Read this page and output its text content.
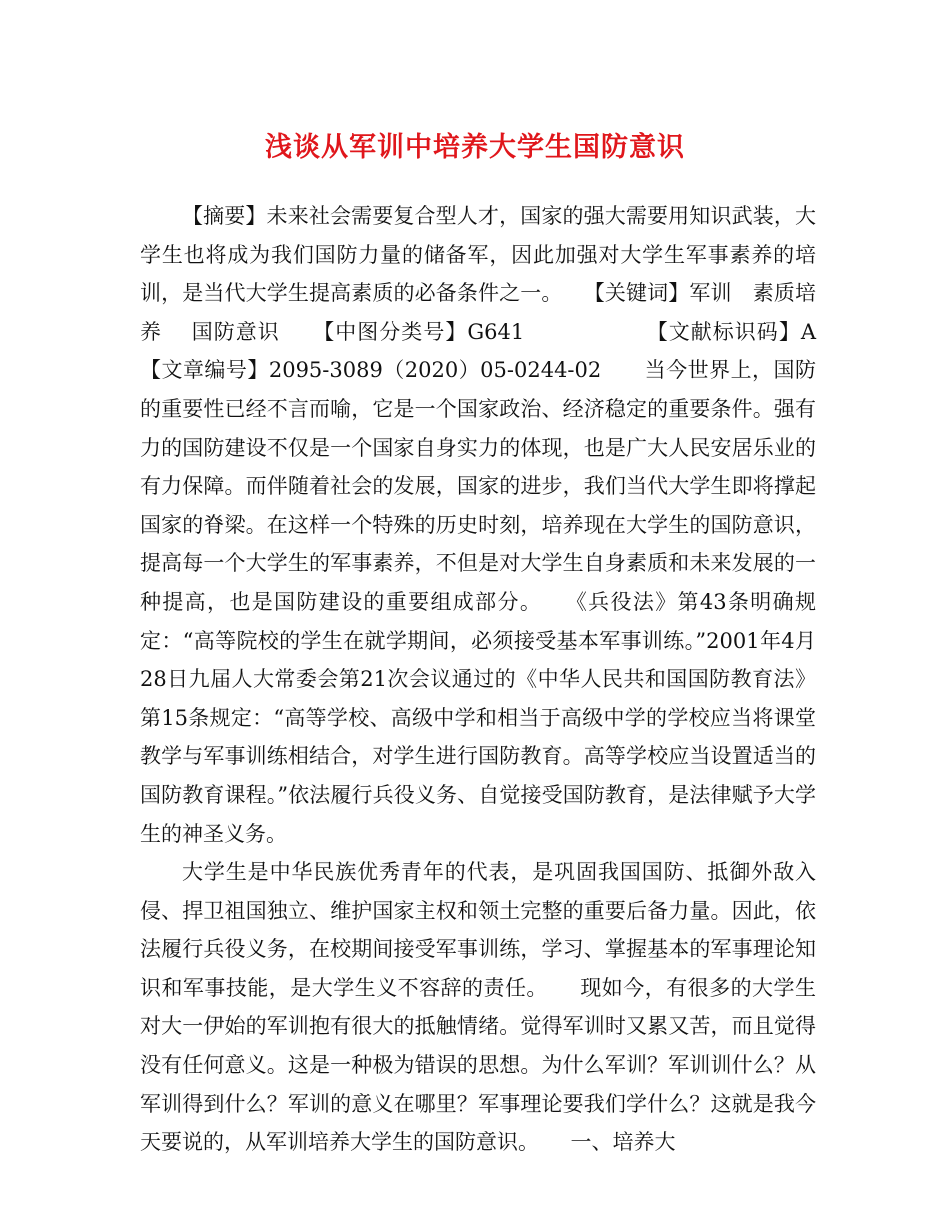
浅谈从军训中培养大学生国防意识

【摘要】未来社会需要复合型人才，国家的强大需要用知识武装，大学生也将成为我们国防力量的储备军，因此加强对大学生军事素养的培训，是当代大学生提高素质的必备条件之一。　　【关键词】军训　素质培养　 国防意识　　【中图分类号】G641　　　　　　【文献标识码】A　　　　　 【文章编号】2095-3089（2020）05-0244-02　　当今世界上，国防的重要性已经不言而喻，它是一个国家政治、经济稳定的重要条件。强有力的国防建设不仅是一个国家自身实力的体现，也是广大人民安居乐业的有力保障。而伴随着社会的发展，国家的进步，我们当代大学生即将撑起国家的脊梁。在这样一个特殊的历史时刻，培养现在大学生的国防意识，提高每一个大学生的军事素养，不但是对大学生自身素质和未来发展的一种提高，也是国防建设的重要组成部分。　　《兵役法》第43条明确规定：“高等院校的学生在就学期间，必须接受基本军事训练。”2001年4月28日九届人大常委会第21次会议通过的《中华人民共和国国防教育法》第15条规定：“高等学校、高级中学和相当于高级中学的学校应当将课堂教学与军事训练相结合，对学生进行国防教育。高等学校应当设置适当的国防教育课程。”依法履行兵役义务、自觉接受国防教育，是法律赋予大学生的神圣义务。

大学生是中华民族优秀青年的代表，是巩固我国国防、抵御外敌入侵、捍卫祖国独立、维护国家主权和领土完整的重要后备力量。因此，依法履行兵役义务，在校期间接受军事训练，学习、掌握基本的军事理论知识和军事技能，是大学生义不容辞的责任。　　现如今，有很多的大学生对大一伊始的军训抱有很大的抵触情绪。觉得军训时又累又苦，而且觉得没有任何意义。这是一种极为错误的思想。为什么军训？军训训什么？从军训得到什么？军训的意义在哪里？军事理论要我们学什么？这就是我今天要说的，从军训培养大学生的国防意识。　　一、培养大
